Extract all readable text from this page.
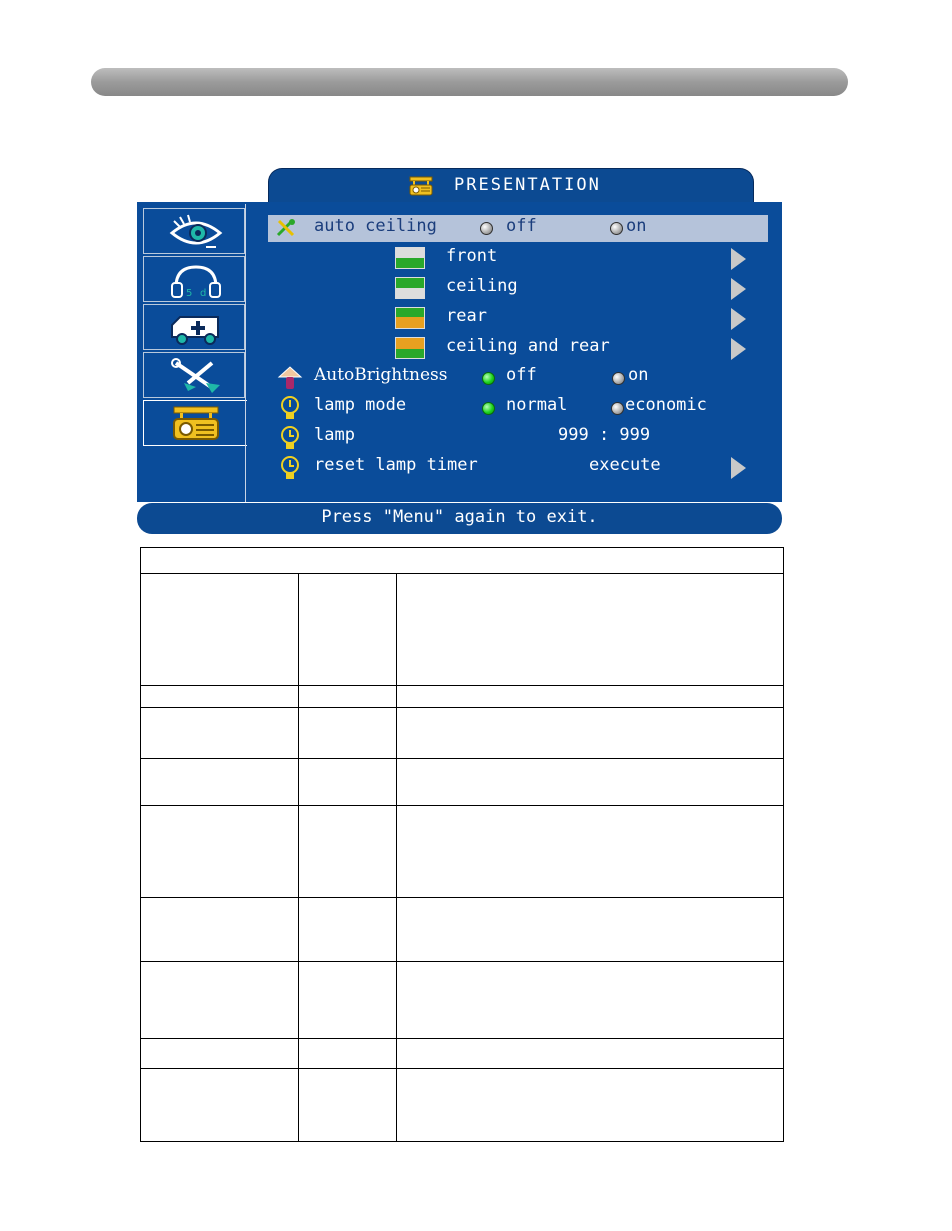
PRESENTATION
5 d
auto ceiling	off	on
front
ceiling
rear
ceiling and rear
AutoBrightness	off	on
lamp mode	normal	economic
lamp	999 : 999
reset lamp timer	execute
Press "Menu" again to exit.
